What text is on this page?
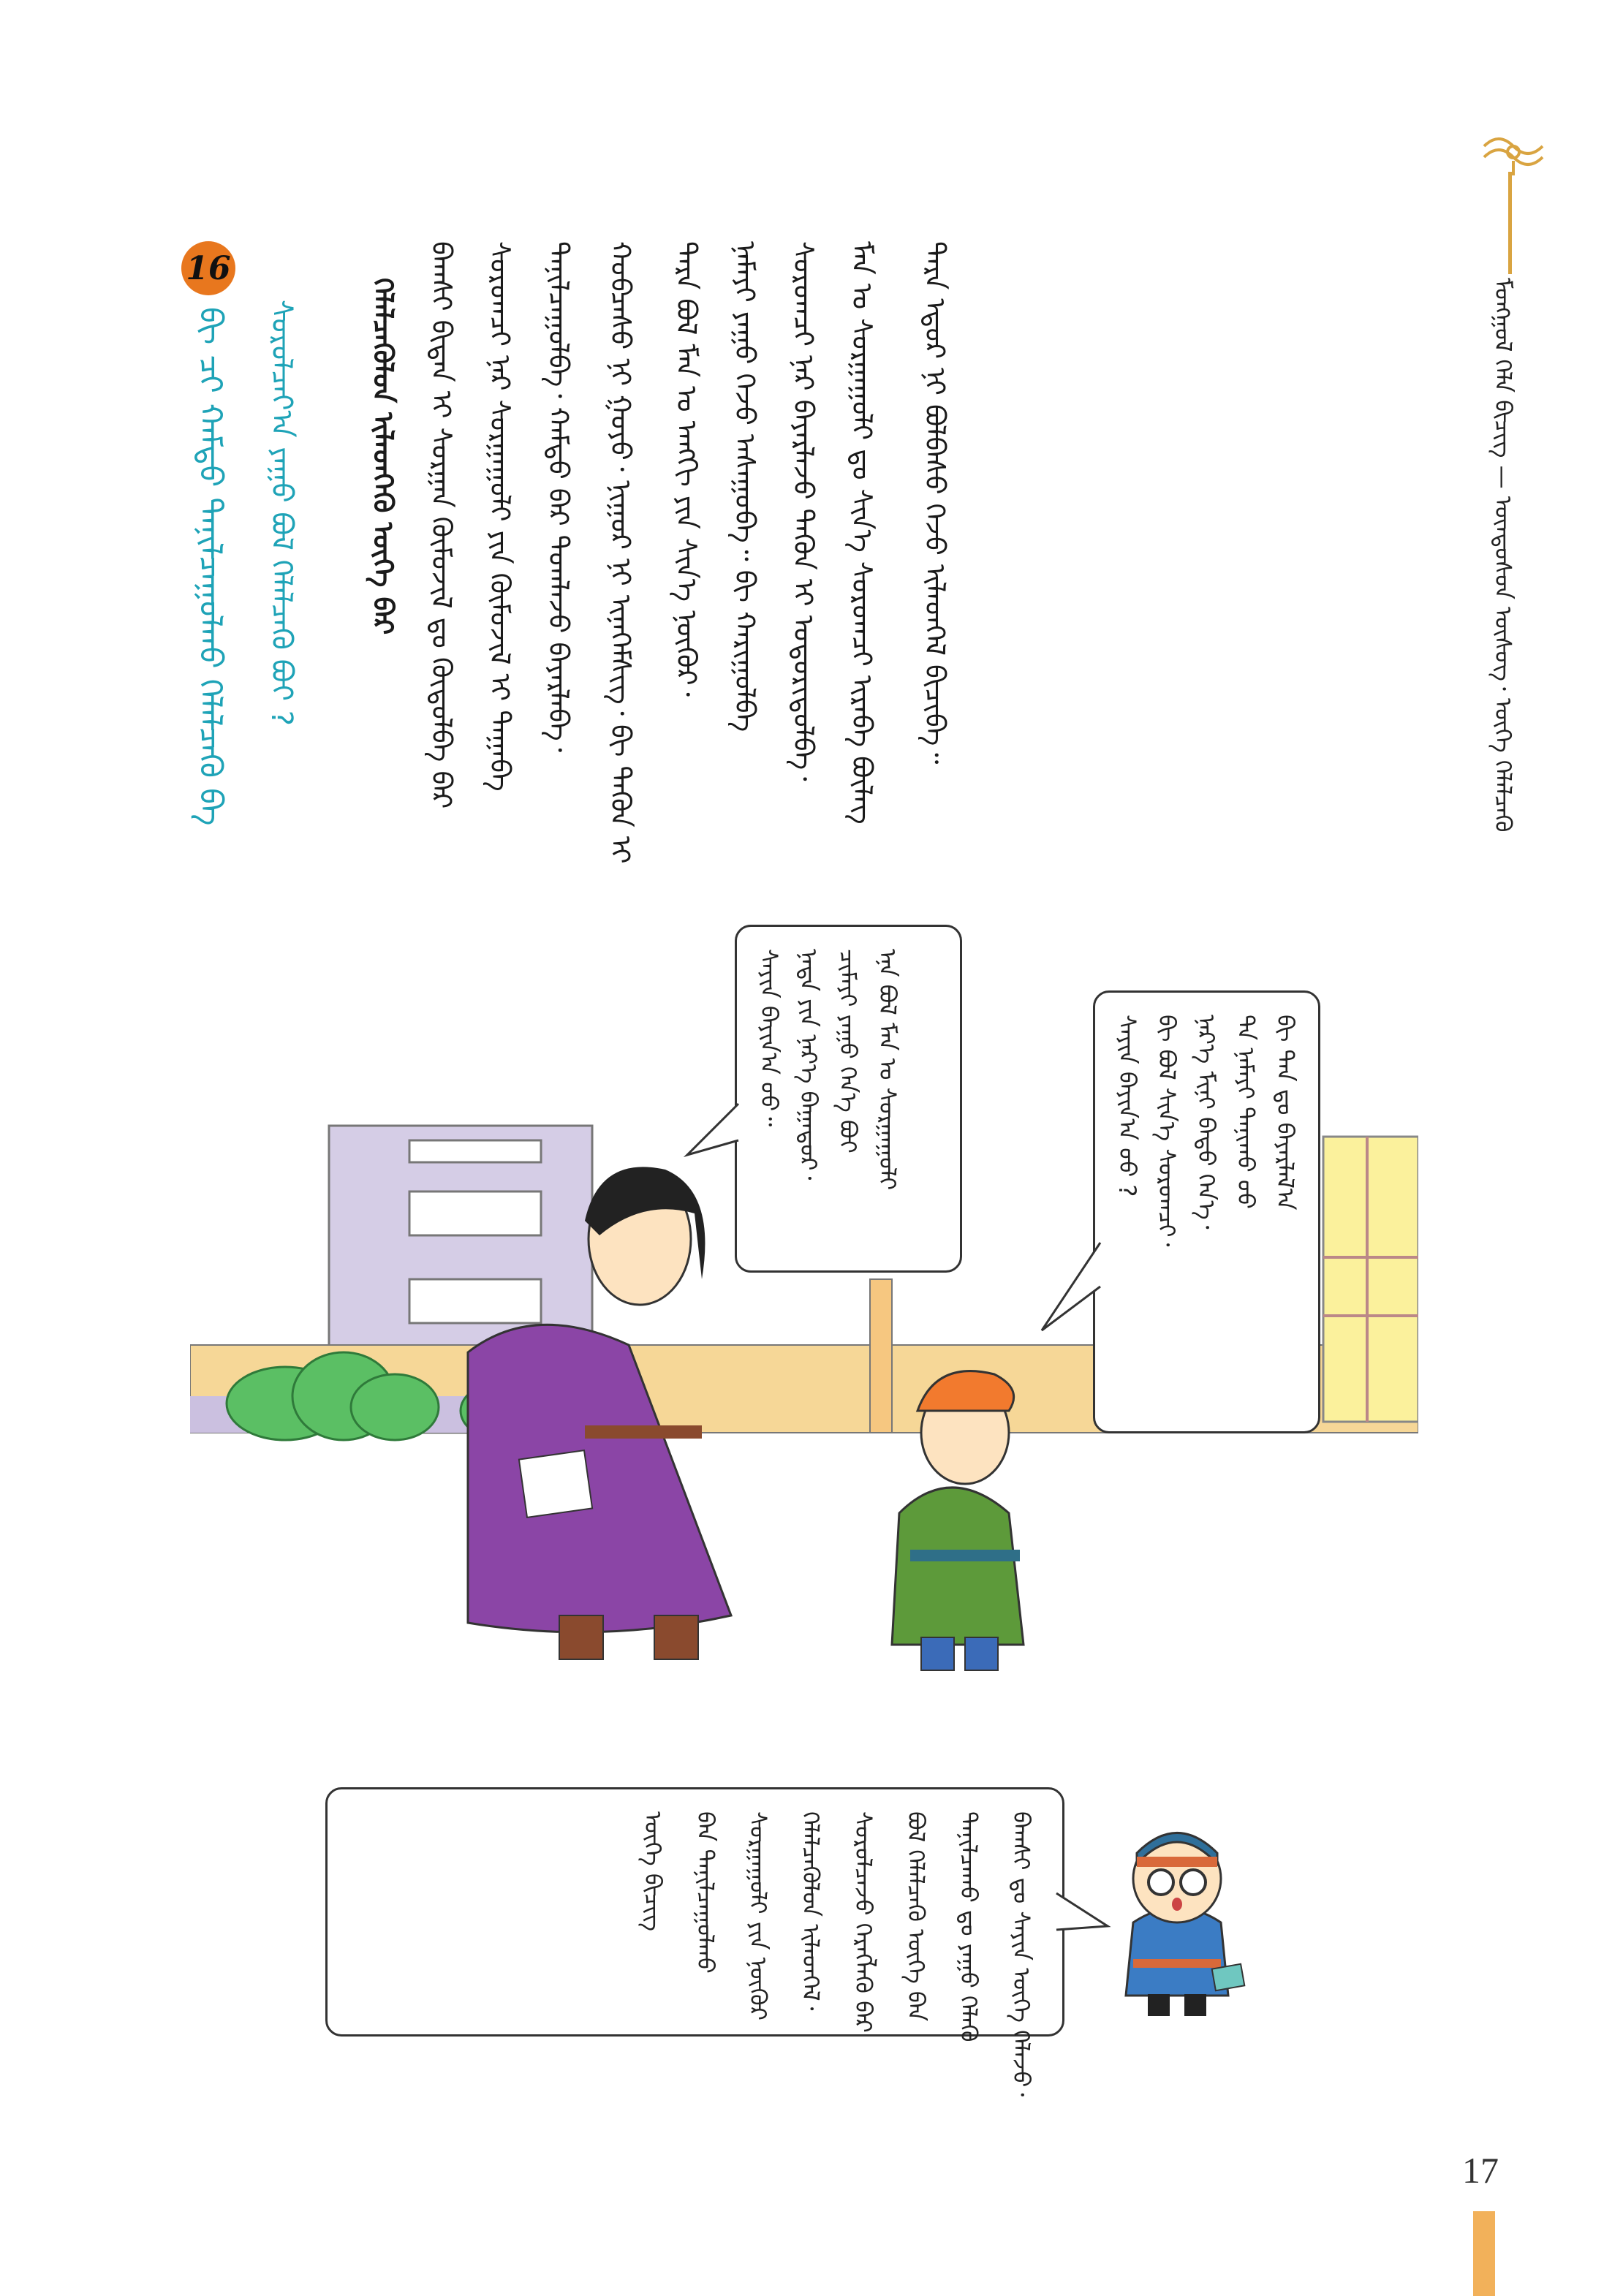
ᠮᠣᠩᠭᠣᠯ ᠬᠡᠯᠡ ᠪᠢᠴᠢᠭ — ᠦᠨᠳᠦᠰᠦᠨ ᠦᠰᠦᠭ᠂ ᠦᠭᠡ ᠬᠡᠯᠡᠯᠴᠡᠬᠦ
ᠲᠡᠷᠡ ᠡᠳᠦᠷ ᠨᠢ ᠪᠤᠯᠪᠠᠰᠤ ᠬᠡᠵᠦ ᠢᠯᠡᠳᠬᠡᠯ ᠪᠢᠴᠢᠪᠡ᠃
ᠮᠠᠨ ᠤ ᠰᠤᠷᠭᠠᠭᠤᠯᠢ ᠳᠤ ᠰᠢᠨ᠎ᠡ ᠰᠤᠷᠤᠭᠴᠢ ᠢᠷᠡᠪᠡ ᠪᠦᠯᠡᠭ
ᠰᠤᠷᠤᠭᠴᠢ ᠨᠠᠷ ᠪᠠᠶᠠᠷᠯᠠᠵᠤ ᠲᠡᠭᠦᠨ ᠢ ᠤᠳᠤᠷᠢᠳᠤᠯᠪᠠ᠂
ᠨᠠᠮᠠᠶᠢ ᠶᠠᠭᠤ ᠭᠡᠵᠦ ᠠᠰᠠᠭᠤᠪᠠ᠃ ᠪᠢ ᠬᠠᠷᠢᠭᠤᠯᠪᠠ
ᠲᠡᠷᠡ ᠪᠣᠯ ᠮᠠᠨ ᠤ ᠠᠩᠭᠢ ᠶᠢᠨ ᠰᠢᠨ᠎ᠡ ᠨᠥᠬᠦᠷ᠂
ᠬᠤᠪᠴᠠᠰᠤ ᠨᠢ ᠭᠤᠶᠤ᠂ ᠨᠢᠭᠤᠷ ᠨᠢ ᠢᠨᠡᠭᠡᠮᠰᠢᠭ᠂ ᠪᠢ ᠲᠡᠭᠦᠨ ᠢ
ᠲᠠᠨᠢᠯᠴᠠᠭᠤᠯᠪᠠ᠂ ᠬᠠᠮᠲᠤ ᠪᠡᠷ ᠲᠣᠭᠯᠠᠵᠤ ᠪᠠᠶᠠᠷᠯᠠᠪᠠ᠂
ᠰᠤᠷᠤᠭᠴᠢ ᠨᠠᠷ ᠰᠤᠷᠭᠠᠭᠤᠯᠢ ᠶᠢᠨ ᠬᠦᠮᠦᠵᠢᠯ ᠢ ᠳᠠᠭᠠᠪᠠ
ᠪᠠᠭᠰᠢ ᠪᠢᠳᠡᠨ ᠢ ᠰᠤᠷᠭᠠᠨ ᠬᠦᠮᠦᠵᠢᠯ ᠳᠤ ᠬᠥᠲᠦᠯᠪᠡ ᠪᠡᠷ
ᠬᠡᠯᠡᠯᠴᠡᠭᠦᠯᠦᠨ ᠢᠯᠡᠳᠬᠡᠬᠦ ᠦᠭᠡ ᠪᠡᠷ
16
ᠪᠢ ᠴᠢ ᠬᠠᠮᠲᠤ ᠲᠠᠨᠢᠯᠴᠠᠭᠤᠯᠬᠤ ᠬᠡᠯᠡᠯᠴᠡᠬᠦ ᠪᠠ ᠰᠤᠷᠤᠯᠴᠠᠶ᠎ᠠ ᠶᠠᠭᠤ ᠪᠣᠯ ᠬᠡᠯᠡᠯᠴᠡᠬᠦ ᠪᠣᠢ ?
ᠰᠠᠶᠢᠨ ᠪᠠᠶᠢᠨ᠎ᠠ ᠤᠤ᠃ ᠨᠠᠳᠠ ᠶᠢᠨ ᠨᠡᠷ᠎ᠡ ᠪᠠᠭᠠᠳᠤᠷ᠂ ᠴᠢᠮᠠᠶᠢ ᠶᠠᠭᠤ ᠭᠡᠨ᠎ᠡ ᠪᠣᠢ ᠡᠨᠡ ᠪᠣᠯ ᠮᠠᠨ ᠤ ᠰᠤᠷᠭᠠᠭᠤᠯᠢ	ᠰᠠᠶᠢᠨ ᠪᠠᠶᠢᠨ᠎ᠠ ᠤᠤ ? ᠪᠢ ᠪᠣᠯ ᠰᠢᠨ᠎ᠡ ᠰᠤᠷᠤᠭᠴᠢ᠂ ᠨᠡᠷ᠎ᠡ ᠮᠢᠨᠢ ᠪᠠᠲᠤ ᠭᠡᠨ᠎ᠡ᠂ ᠲᠠ ᠨᠠᠮᠠᠶᠢ ᠲᠠᠨᠢᠬᠤ ᠤᠤ ᠪᠢ ᠲᠠᠨ ᠳᠤ ᠪᠠᠶᠠᠷᠯᠠᠯ᠎ᠠ
ᠪᠠᠭᠰᠢ ᠳᠤ ᠰᠠᠶᠢᠨ ᠦᠭᠡ ᠬᠡᠯᠡᠵᠦ᠂
ᠲᠠᠨᠢᠯᠴᠠᠬᠤ ᠳᠤ ᠶᠠᠭᠤ ᠬᠡᠯᠡᠬᠦ
ᠪᠣᠯ ᠬᠡᠯᠡᠯᠴᠡᠬᠦ ᠦᠭᠡ ᠪᠠᠨ
ᠰᠤᠷᠤᠯᠴᠠᠵᠤ ᠬᠡᠷᠡᠭᠯᠡᠬᠦ ᠪᠡᠷ
ᠬᠡᠯᠡᠯᠴᠡᠭᠦᠯᠦᠨ ᠢᠯᠡᠳᠬᠡᠯ᠂
ᠰᠤᠷᠭᠠᠭᠤᠯᠢ ᠶᠢᠨ ᠨᠥᠬᠦᠷ
ᠪᠠᠨ ᠲᠠᠨᠢᠯᠴᠠᠭᠤᠯᠬᠤ
ᠦᠭᠡ ᠪᠢᠴᠢᠭ
17
